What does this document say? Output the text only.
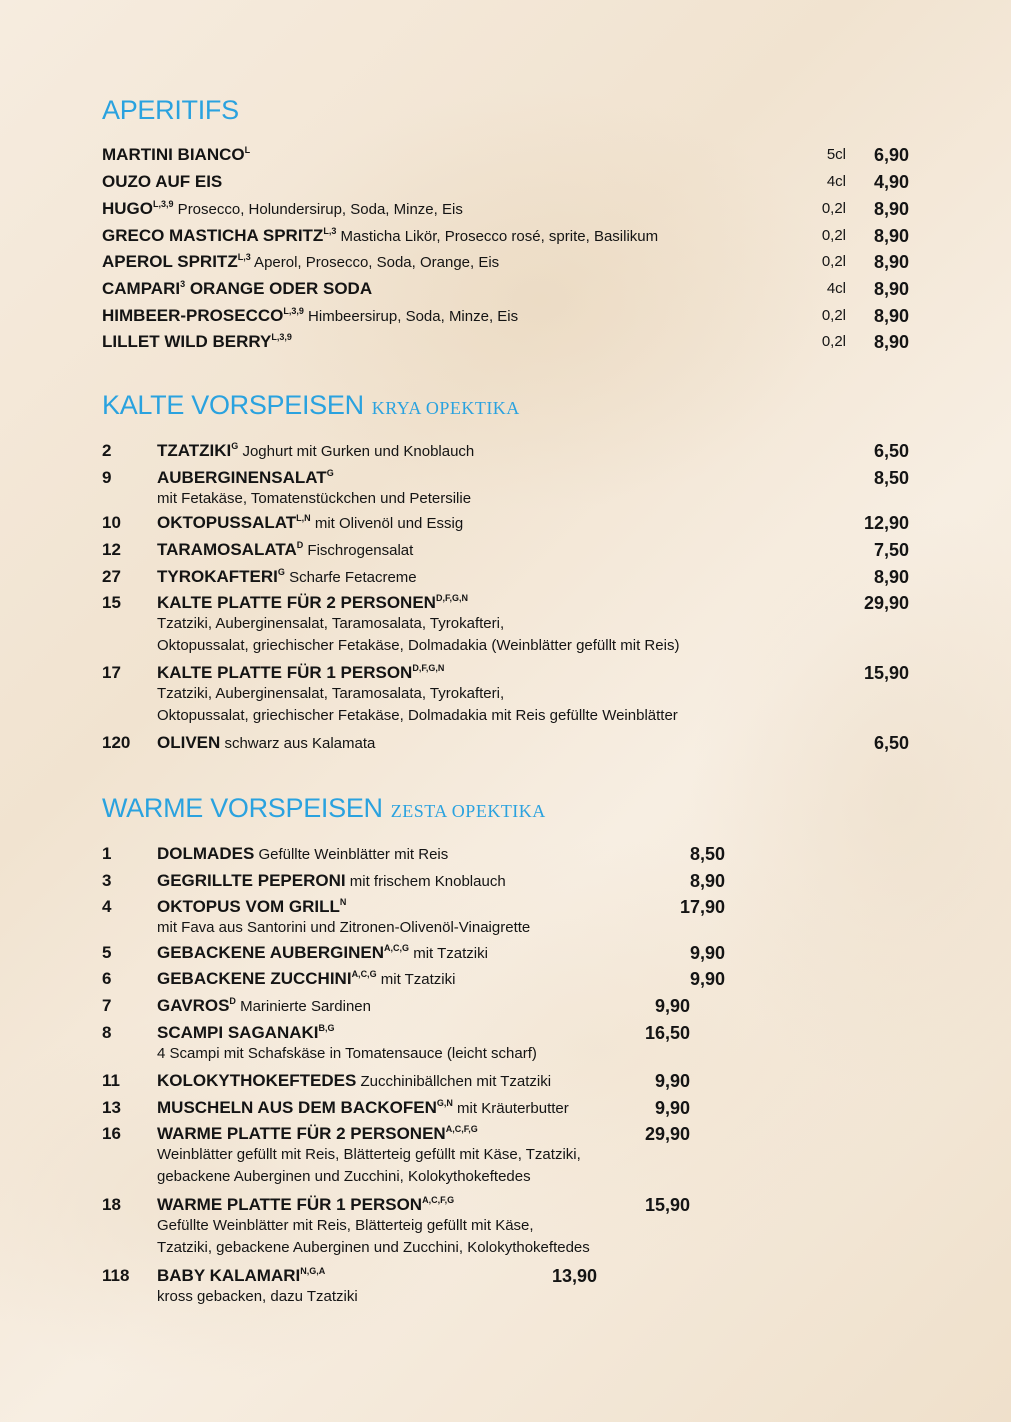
APERITIFS
MARTINI $BIANCO^L$	5cl	6,90
OUZO AUF EIS	4cl	4,90
$HUGO^{L,3,9}$ Prosecco, Holundersirup, Soda, Minze, Eis	0,2l	8,90
GRECO MASTICHA $SPRITZ^{L,3}$ Masticha Likör, Prosecco rosé, sprite, Basilikum	0,2l	8,90
APEROL $SPRITZ^{L,3}$ Aperol, Prosecco, Soda, Orange, Eis	0,2l	8,90
CAMPARI$^3$ ORANGE ODER SODA	4cl	8,90
HIMBEER-$PROSECCO^{L,3,9}$ Himbeersirup, Soda, Minze, Eis	0,2l	8,90
LILLET WILD $BERRY^{L,3,9}$	0,2l	8,90
KALTE VORSPEISEN KRYA OPEKTIKA
2	$TZATZIKI^G$ Joghurt mit Gurken und Knoblauch	6,50
9	$AUBERGINENSALAT^G$
mit Fetakäse, Tomatenstückchen und Petersilie
8,50
10 $OKTOPUSSALAT^{L,N}$ mit Olivenöl und Essig	12,90
12 $TARAMOSALATA^D$ Fischrogensalat	7,50
27 $TYROKAFTERI^G$ Scharfe Fetacreme	8,90
15 KALTE PLATTE FÜR 2 $PERSONEN^{D,F,G,N}$
Tzatziki, Auberginensalat, Taramosalata, Tyrokafteri,
Oktopussalat, griechischer Fetakäse, Dolmadakia (Weinblätter gefüllt mit Reis)
29,90
17 KALTE PLATTE FÜR 1 $PERSON^{D,F,G,N}$
Tzatziki, Auberginensalat, Taramosalata, Tyrokafteri,
Oktopussalat, griechischer Fetakäse, Dolmadakia mit Reis gefüllte Weinblätter
15,90
120 OLIVEN schwarz aus Kalamata	6,50
WARME VORSPEISEN ZESTA OPEKTIKA
1	DOLMADES Gefüllte Weinblätter mit Reis	8,50
3	GEGRILLTE PEPERONI mit frischem Knoblauch	8,90
4	OKTOPUS VOM $GRILL^N$
mit Fava aus Santorini und Zitronen-Olivenöl-Vinaigrette
17,90
5	GEBACKENE $AUBERGINEN^{A,C,G}$ mit Tzatziki	9,90
6	GEBACKENE $ZUCCHINI^{A,C,G}$ mit Tzatziki	9,90
7	$GAVROS^D$ Marinierte Sardinen	9,90
8	SCAMPI $SAGANAKI^{B,G}$
4 Scampi mit Schafskäse in Tomatensauce (leicht scharf)
16,50
11 KOLOKYTHOKEFTEDES Zucchinibällchen mit Tzatziki	9,90
13 MUSCHELN AUS DEM $BACKOFEN^{G,N}$ mit Kräuterbutter	9,90
16 WARME PLATTE FÜR 2 $PERSONEN^{A,C,F,G}$
Weinblätter gefüllt mit Reis, Blätterteig gefüllt mit Käse, Tzatziki,
gebackene Auberginen und Zucchini, Kolokythokeftedes
29,90
18 WARME PLATTE FÜR 1 $PERSON^{A,C,F,G}$
Gefüllte Weinblätter mit Reis, Blätterteig gefüllt mit Käse,
Tzatziki, gebackene Auberginen und Zucchini, Kolokythokeftedes
15,90
118 BABY $KALAMARI^{N,G,A}$
kross gebacken, dazu Tzatziki
13,90
